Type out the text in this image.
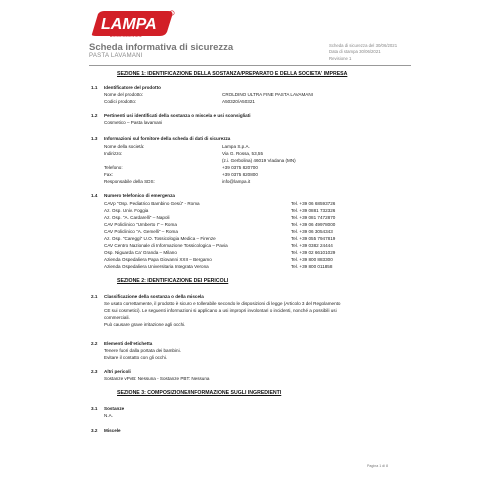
LAMPA
ACCESSORIES
Scheda informativa di sicurezza
PASTA LAVAMANI
Scheda di sicurezza del 30/06/2021
Data di stampa 30/06/2021
Revisione 1
SEZIONE 1: IDENTIFICAZIONE DELLA SOSTANZA/PREPARATO E DELLA SOCIETA' IMPRESA
1.1 Identificatore del prodotto
Nome del prodotto:	CROLDINO ULTRA FINE PASTA LAVAMANI
Codici prodotto:	A50320/A50321
1.2 Pertinenti usi identificati della sostanza o miscela e usi sconsigliati
Cosmetico – Pasta lavamani
1.3 Informazioni sul fornitore della scheda di dati di sicurezza
Nome della società:	Lampa S.p.A.
Indirizzo:	Via G. Rossa, 53,55
(z.i. Gerbolina) 46019 Viadana (MN)
Telefono:	+39 0375 820700
Fax:	+39 0375 820800
Responsabile della SDS:	info@lampa.it
1.4 Numero telefonico di emergenza
CAVp "Osp. Pediatrico Bambino Gesù" - Roma	Tel. +39 06 68593726
Az. Osp. Univ. Foggia	Tel. +39 0881 732326
Az. Osp. "A. Cardarelli" – Napoli	Tel. +39 081 7472870
CAV Policlinico "Umberto I" – Roma	Tel. +39 06 49978000
CAV Policlinico "A. Gemelli" – Roma	Tel. +39 06 3054343
Az. Osp. "Careggi" U.O. Tossicologia Medica – Firenze	Tel. +39 055 7947819
CAV Centro Nazionale di Informazione Tossicologica – Pavia	Tel. +39 0382 24444
Osp. Niguarda Ca' Granda – Milano	Tel. +39 02 66101029
Azienda Ospedaliera Papa Giovanni XXII – Bergamo	Tel. +39 800 883300
Azienda Ospedaliera Universitaria Integrata Verona	Tel. +39 800 011858
SEZIONE 2: IDENTIFICAZIONE DEI PERICOLI
2.1 Classificazione della sostanza o della miscela
Se usato correttamente, il prodotto è sicuro e tollerabile secondo le disposizioni di legge (Articolo 3 del Regolamento
CE sui cosmetici). Le seguenti informazioni si applicano a usi impropri involontari o incidenti, nonché a possibili usi
commerciali.
Può causare grave irritazione agli occhi.
2.2 Elementi dell'etichetta
Tenere fuori dalla portata dei bambini.
Evitare il contatto con gli occhi.
2.3 Altri pericoli
Sostanze vPvB: Nessuna - Sostanze PBT: Nessuna
SEZIONE 3: COMPOSIZIONE/INFORMAZIONE SUGLI INGREDIENTI
3.1 Sostanze
N.A.
3.2 Miscele
Pagina 1 di 8
